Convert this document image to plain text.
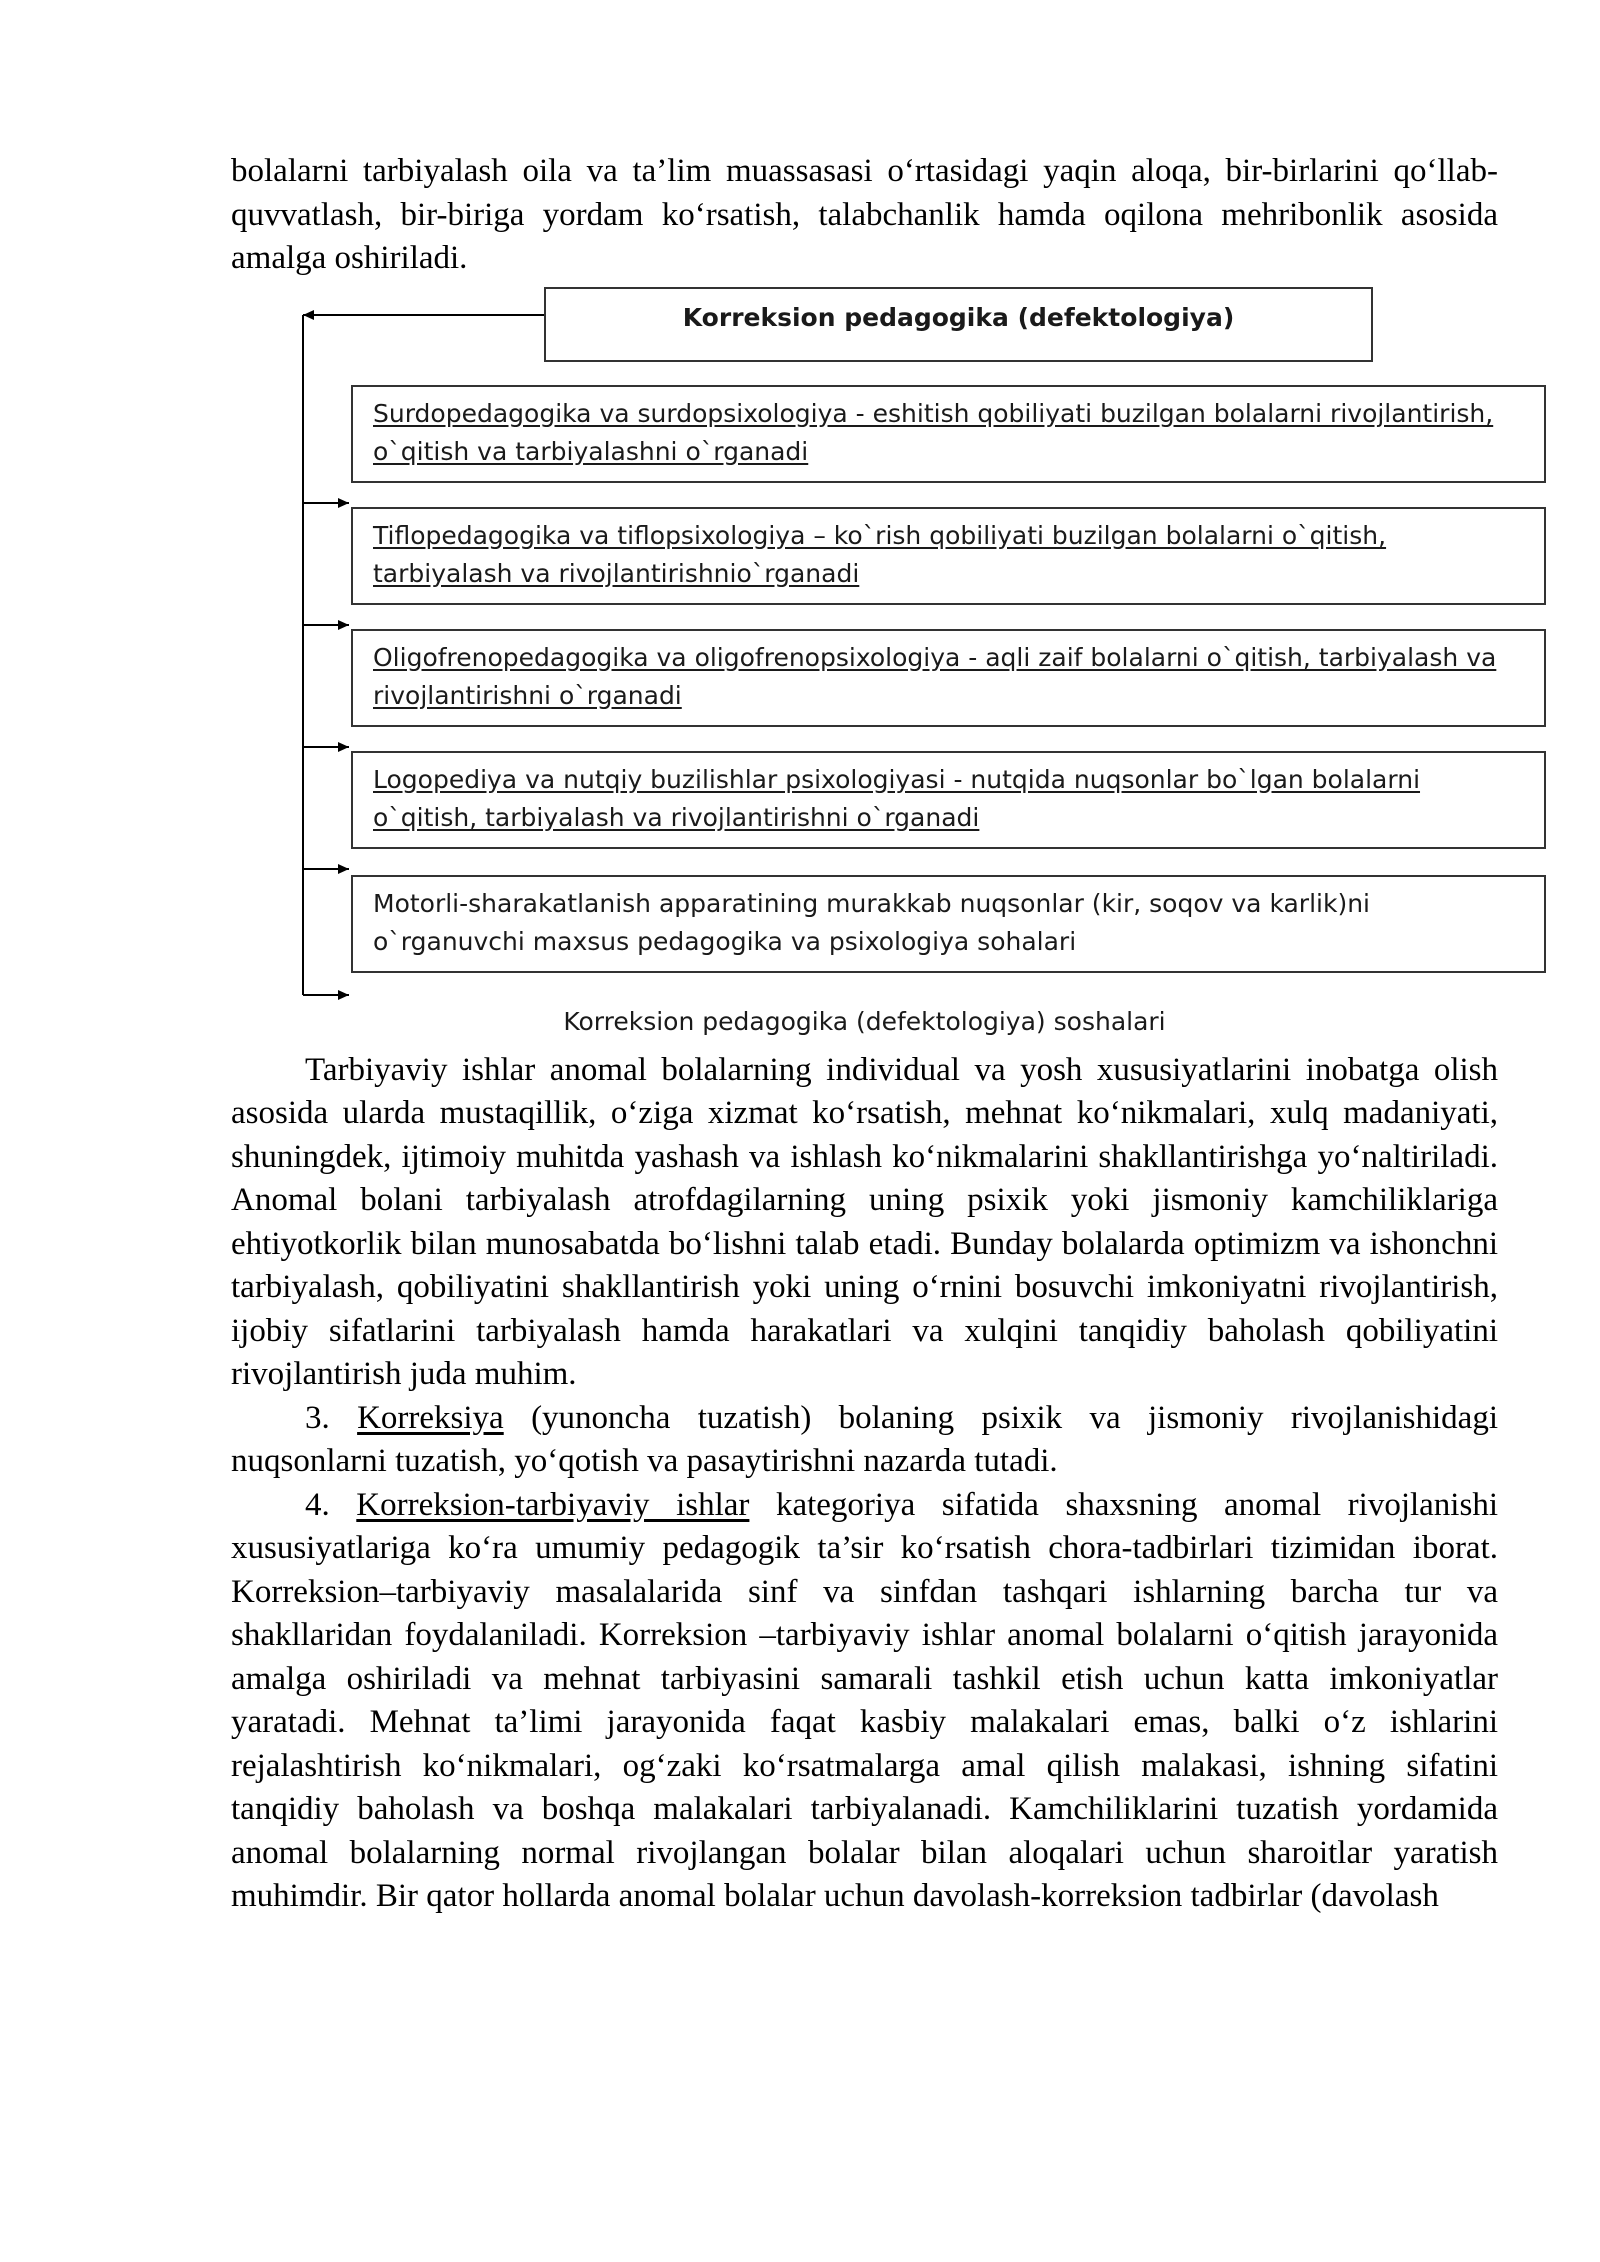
bolalarni tarbiyalash oila va ta’lim muassasasi o‘rtasidagi yaqin aloqa, bir-birlarini qo‘llab-quvvatlash, bir-biriga yordam ko‘rsatish, talabchanlik hamda oqilona mehribonlik asosida amalga oshiriladi.

Korreksion pedagogika (defektologiya)
Surdopedagogika va surdopsixologiya - eshitish qobiliyati buzilgan bolalarni rivojlantirish, o`qitish va tarbiyalashni o`rganadi
Tiflopedagogika va tiflopsixologiya – ko`rish qobiliyati buzilgan bolalarni o`qitish, tarbiyalash va rivojlantirishnio`rganadi
Oligofrenopedagogika va oligofrenopsixologiya - aqli zaif bolalarni o`qitish, tarbiyalash va rivojlantirishni o`rganadi
Logopediya va nutqiy buzilishlar psixologiyasi - nutqida nuqsonlar bo`lgan bolalarni o`qitish, tarbiyalash va rivojlantirishni o`rganadi
Motorli-sharakatlanish apparatining murakkab nuqsonlar (kir, soqov va karlik)ni o`rganuvchi maxsus pedagogika va psixologiya sohalari
Korreksion pedagogika (defektologiya) soshalari

Tarbiyaviy ishlar anomal bolalarning individual va yosh xususiyatlarini inobatga olish asosida ularda mustaqillik, o‘ziga xizmat ko‘rsatish, mehnat ko‘nikmalari, xulq madaniyati, shuningdek, ijtimoiy muhitda yashash va ishlash ko‘nikmalarini shakllantirishga yo‘naltiriladi. Anomal bolani tarbiyalash atrofdagilarning uning psixik yoki jismoniy kamchiliklariga ehtiyotkorlik bilan munosabatda bo‘lishni talab etadi. Bunday bolalarda optimizm va ishonchni tarbiyalash, qobiliyatini shakllantirish yoki uning o‘rnini bosuvchi imkoniyatni rivojlantirish, ijobiy sifatlarini tarbiyalash hamda harakatlari va xulqini tanqidiy baholash qobiliyatini rivojlantirish juda muhim.

3. Korreksiya (yunoncha tuzatish) bolaning psixik va jismoniy rivojlanishidagi nuqsonlarni tuzatish, yo‘qotish va pasaytirishni nazarda tutadi.

4. Korreksion-tarbiyaviy ishlar kategoriya sifatida shaxsning anomal rivojlanishi xususiyatlariga ko‘ra umumiy pedagogik ta’sir ko‘rsatish chora-tadbirlari tizimidan iborat. Korreksion–tarbiyaviy masalalarida sinf va sinfdan tashqari ishlarning barcha tur va shakllaridan foydalaniladi. Korreksion –tarbiyaviy ishlar anomal bolalarni o‘qitish jarayonida amalga oshiriladi va mehnat tarbiyasini samarali tashkil etish uchun katta imkoniyatlar yaratadi. Mehnat ta’limi jarayonida faqat kasbiy malakalari emas, balki o‘z ishlarini rejalashtirish ko‘nikmalari, og‘zaki ko‘rsatmalarga amal qilish malakasi, ishning sifatini tanqidiy baholash va boshqa malakalari tarbiyalanadi. Kamchiliklarini tuzatish yordamida anomal bolalarning normal rivojlangan bolalar bilan aloqalari uchun sharoitlar yaratish muhimdir. Bir qator hollarda anomal bolalar uchun davolash-korreksion tadbirlar (davolash
